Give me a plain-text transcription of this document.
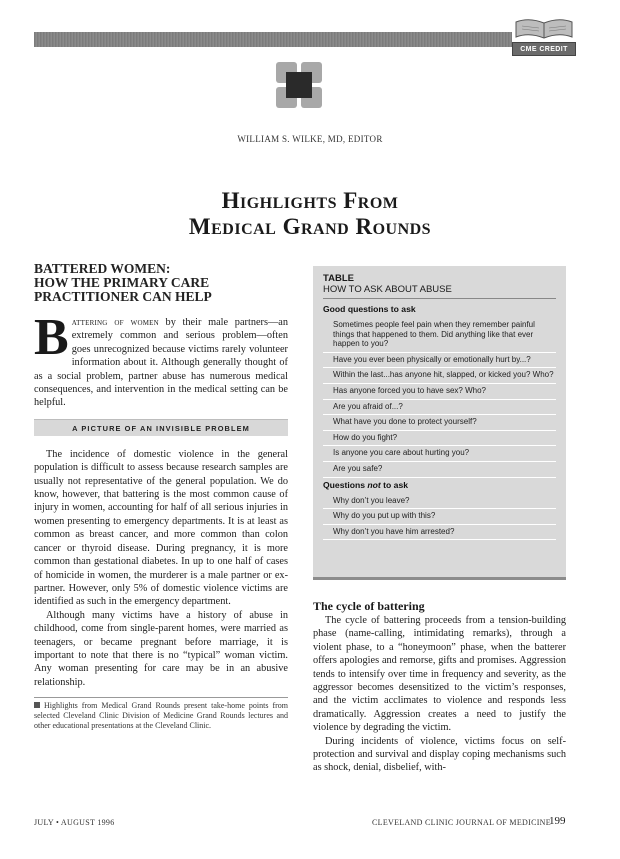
CME CREDIT
WILLIAM S. WILKE, MD, EDITOR
Highlights From
Medical Grand Rounds
BATTERED WOMEN:
HOW THE PRIMARY CARE
PRACTITIONER CAN HELP

Battering of women by their male partners—an extremely common and serious problem—often goes unrecognized because victims rarely volunteer information about it. Although generally thought of as a social problem, partner abuse has numerous medical consequences, and intervention in the medical setting can be helpful.

A PICTURE OF AN INVISIBLE PROBLEM

The incidence of domestic violence in the general population is difficult to assess because research samples are usually not representative of the general population. We do know, however, that battering is the most common cause of injury in women, accounting for half of all serious injuries in women presenting to emergency departments. It is at least as common as breast cancer, and more common than colon cancer or thyroid disease. During pregnancy, it is more common than gestational diabetes. In up to one half of cases of homicide in women, the murderer is a male partner or ex-partner. However, only 5% of domestic violence victims are identified as such in the emergency department.

Although many victims have a history of abuse in childhood, come from single-parent homes, were married as teenagers, or became pregnant before marriage, it is important to note that there is no “typical” woman victim. Any woman presenting for care may be in an abusive relationship.

Highlights from Medical Grand Rounds present take-home points from selected Cleveland Clinic Division of Medicine Grand Rounds lectures and other educational presentations at the Cleveland Clinic.

TABLE
HOW TO ASK ABOUT ABUSE
Good questions to ask
Sometimes people feel pain when they remember painful things that happened to them. Did anything like that ever happen to you?
Have you ever been physically or emotionally hurt by...?
Within the last...has anyone hit, slapped, or kicked you? Who?
Has anyone forced you to have sex? Who?
Are you afraid of...?
What have you done to protect yourself?
How do you fight?
Is anyone you care about hurting you?
Are you safe?
Questions not to ask
Why don’t you leave?
Why do you put up with this?
Why don’t you have him arrested?
The cycle of battering

The cycle of battering proceeds from a tension-building phase (name-calling, intimidating remarks), through a violent phase, to a “honeymoon” phase, when the batterer offers apologies and remorse, gifts and promises. Aggression tends to intensify over time in frequency and severity, as the aggressor becomes desensitized to the victim’s responses, and the victim acclimates to violence and responds less dramatically. Aggression creates a need to justify the violence by degrading the victim.

During incidents of violence, victims focus on self-protection and survival and display coping mechanisms such as shock, denial, disbelief, with-

JULY • AUGUST 1996	CLEVELAND CLINIC JOURNAL OF MEDICINE
199
